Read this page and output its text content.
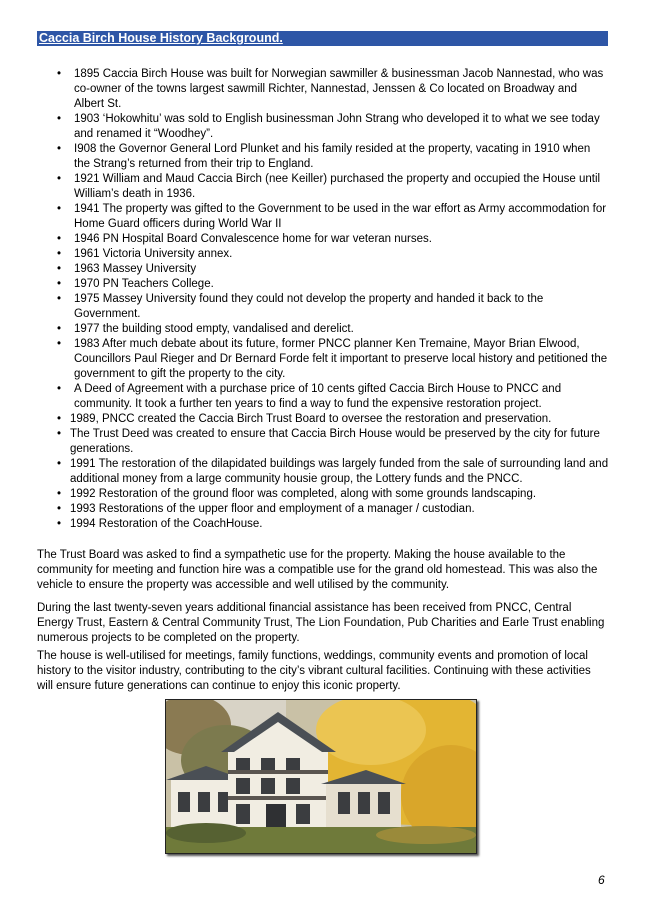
Caccia Birch House History Background.
• 1895 Caccia Birch House was built for Norwegian sawmiller & businessman Jacob Nannestad, who was co-owner of the towns largest sawmill Richter, Nannestad, Jenssen & Co located on Broadway and Albert St.
• 1903 ‘Hokowhitu’ was sold to English businessman John Strang who developed it to what we see today and renamed it “Woodhey”.
• I908 the Governor General Lord Plunket and his family resided at the property, vacating in 1910 when the Strang’s returned from their trip to England.
• 1921 William and Maud Caccia Birch (nee Keiller) purchased the property and occupied the House until William’s death in 1936.
• 1941 The property was gifted to the Government to be used in the war effort as Army accommodation for Home Guard officers during World War II
• 1946 PN Hospital Board Convalescence home for war veteran nurses.
• 1961 Victoria University annex.
• 1963 Massey University
• 1970 PN Teachers College.
• 1975 Massey University found they could not develop the property and handed it back to the Government.
• 1977 the building stood empty, vandalised and derelict.
• 1983 After much debate about its future, former PNCC planner Ken Tremaine, Mayor Brian Elwood, Councillors Paul Rieger and Dr Bernard Forde felt it important to preserve local history and petitioned the government to gift the property to the city.
• A Deed of Agreement with a purchase price of 10 cents gifted Caccia Birch House to PNCC and community. It took a further ten years to find a way to fund the expensive restoration project.
• 1989, PNCC created the Caccia Birch Trust Board to oversee the restoration and preservation.
• The Trust Deed was created to ensure that Caccia Birch House would be preserved by the city for future generations.
• 1991 The restoration of the dilapidated buildings was largely funded from the sale of surrounding land and additional money from a large community housie group, the Lottery funds and the PNCC.
• 1992 Restoration of the ground floor was completed, along with some grounds landscaping.
• 1993 Restorations of the upper floor and employment of a manager / custodian.
• 1994 Restoration of the CoachHouse.

The Trust Board was asked to find a sympathetic use for the property. Making the house available to the community for meeting and function hire was a compatible use for the grand old homestead. This was also the vehicle to ensure the property was accessible and well utilised by the community.

During the last twenty-seven years additional financial assistance has been received from PNCC, Central Energy Trust, Eastern & Central Community Trust, The Lion Foundation, Pub Charities and Earle Trust enabling numerous projects to be completed on the property.

The house is well-utilised for meetings, family functions, weddings, community events and promotion of local history to the visitor industry, contributing to the city’s vibrant cultural facilities. Continuing with these activities will ensure future generations can continue to enjoy this iconic property.

6
